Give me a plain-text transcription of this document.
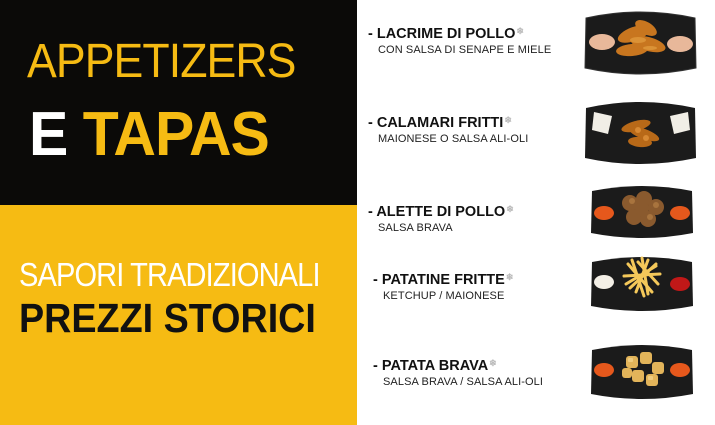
APPETIZERS
E TAPAS
SAPORI TRADIZIONALI
PREZZI STORICI
- LACRIME DI POLLO❄
CON SALSA DI SENAPE E MIELE
- CALAMARI FRITTI❄
MAIONESE O SALSA ALI-OLI
- ALETTE DI POLLO❄
SALSA BRAVA
- PATATINE FRITTE❄
KETCHUP / MAIONESE
- PATATA BRAVA❄
SALSA BRAVA / SALSA ALI-OLI
